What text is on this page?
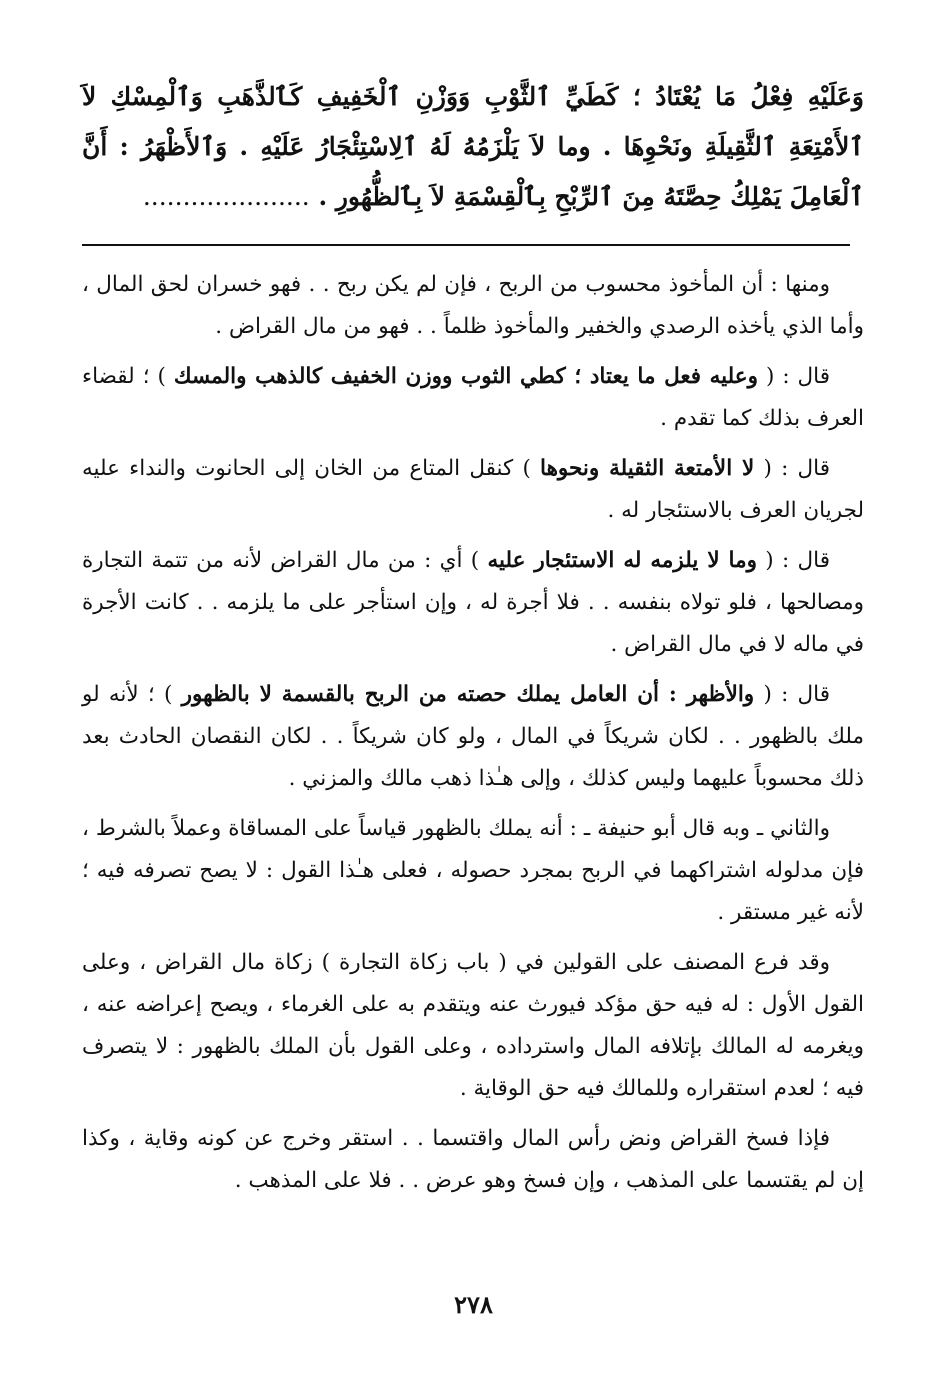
وَعَلَيْهِ فِعْلُ مَا يُعْتَادُ ؛ كَطَيِّ ٱلثَّوْبِ وَوَزْنِ ٱلْخَفِيفِ كَٱلذَّهَبِ وَٱلْمِسْكِ لاَ ٱلأَمْتِعَةِ ٱلثَّقِيلَةِ ونَحْوِهَا . وما لاَ يَلْزَمُهُ لَهُ ٱلِاسْتِئْجَارُ عَلَيْهِ . وَٱلأَظْهَرُ : أَنَّ ٱلْعَامِلَ يَمْلِكُ حِصَّتَهُ مِنَ ٱلرِّبْحِ بِٱلْقِسْمَةِ لاَ بِٱلظُّهُورِ . .....................

ومنها : أن المأخوذ محسوب من الربح ، فإن لم يكن ربح . . فهو خسران لحق المال ، وأما الذي يأخذه الرصدي والخفير والمأخوذ ظلماً . . فهو من مال القراض .

قال : ( وعليه فعل ما يعتاد ؛ كطي الثوب ووزن الخفيف كالذهب والمسك ) ؛ لقضاء العرف بذلك كما تقدم .

قال : ( لا الأمتعة الثقيلة ونحوها ) كنقل المتاع من الخان إلى الحانوت والنداء عليه لجريان العرف بالاستئجار له .

قال : ( وما لا يلزمه له الاستئجار عليه ) أي : من مال القراض لأنه من تتمة التجارة ومصالحها ، فلو تولاه بنفسه . . فلا أجرة له ، وإن استأجر على ما يلزمه . . كانت الأجرة في ماله لا في مال القراض .

قال : ( والأظهر : أن العامل يملك حصته من الربح بالقسمة لا بالظهور ) ؛ لأنه لو ملك بالظهور . . لكان شريكاً في المال ، ولو كان شريكاً . . لكان النقصان الحادث بعد ذلك محسوباً عليهما وليس كذلك ، وإلى هـٰذا ذهب مالك والمزني .

والثاني ـ وبه قال أبو حنيفة ـ : أنه يملك بالظهور قياساً على المساقاة وعملاً بالشرط ، فإن مدلوله اشتراكهما في الربح بمجرد حصوله ، فعلى هـٰذا القول : لا يصح تصرفه فيه ؛ لأنه غير مستقر .

وقد فرع المصنف على القولين في ( باب زكاة التجارة ) زكاة مال القراض ، وعلى القول الأول : له فيه حق مؤكد فيورث عنه ويتقدم به على الغرماء ، ويصح إعراضه عنه ، ويغرمه له المالك بإتلافه المال واسترداده ، وعلى القول بأن الملك بالظهور : لا يتصرف فيه ؛ لعدم استقراره وللمالك فيه حق الوقاية .

فإذا فسخ القراض ونض رأس المال واقتسما . . استقر وخرج عن كونه وقاية ، وكذا إن لم يقتسما على المذهب ، وإن فسخ وهو عرض . . فلا على المذهب .

٢٧٨
